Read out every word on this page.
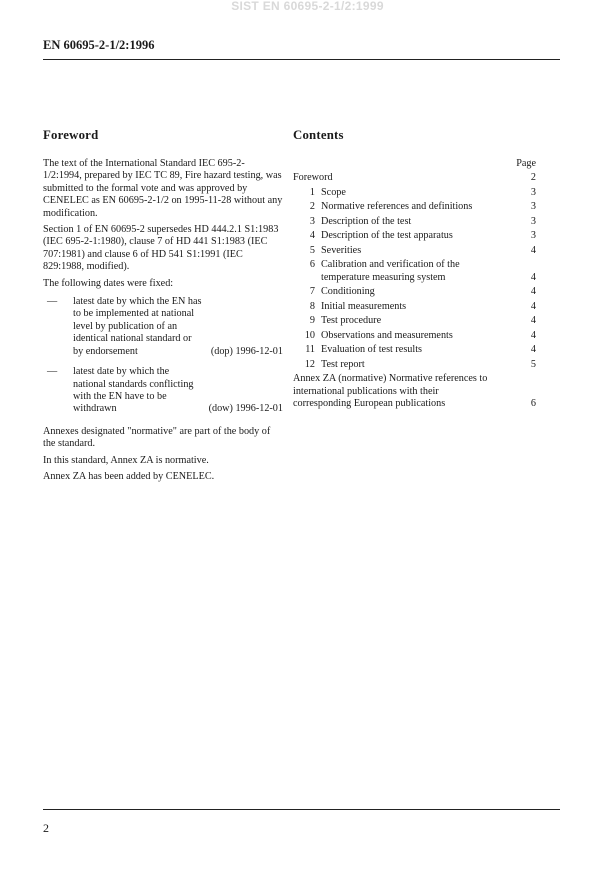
SIST EN 60695-2-1/2:1999
EN 60695-2-1/2:1996
Foreword

The text of the International Standard IEC 695-2-1/2:1994, prepared by IEC TC 89, Fire hazard testing, was submitted to the formal vote and was approved by CENELEC as EN 60695-2-1/2 on 1995-11-28 without any modification.

Section 1 of EN 60695-2 supersedes HD 444.2.1 S1:1983 (IEC 695-2-1:1980), clause 7 of HD 441 S1:1983 (IEC 707:1981) and clause 6 of HD 541 S1:1991 (IEC 829:1988, modified).

The following dates were fixed:

—	latest date by which the EN has to be implemented at national level by publication of an identical national standard or by endorsement	(dop) 1996-12-01
—	latest date by which the national standards conflicting with the EN have to be withdrawn	(dow) 1996-12-01

Annexes designated "normative" are part of the body of the standard.

In this standard, Annex ZA is normative.

Annex ZA has been added by CENELEC.

Contents
Page
Foreword	2
1 Scope	3
2 Normative references and definitions	3
3 Description of the test	3
4 Description of the test apparatus	3
5 Severities	4
6 Calibration and verification of the temperature measuring system	4
7 Conditioning	4
8 Initial measurements	4
9 Test procedure	4
10 Observations and measurements	4
11 Evaluation of test results	4
12 Test report	5
Annex ZA (normative) Normative references to international publications with their corresponding European publications	6
2
